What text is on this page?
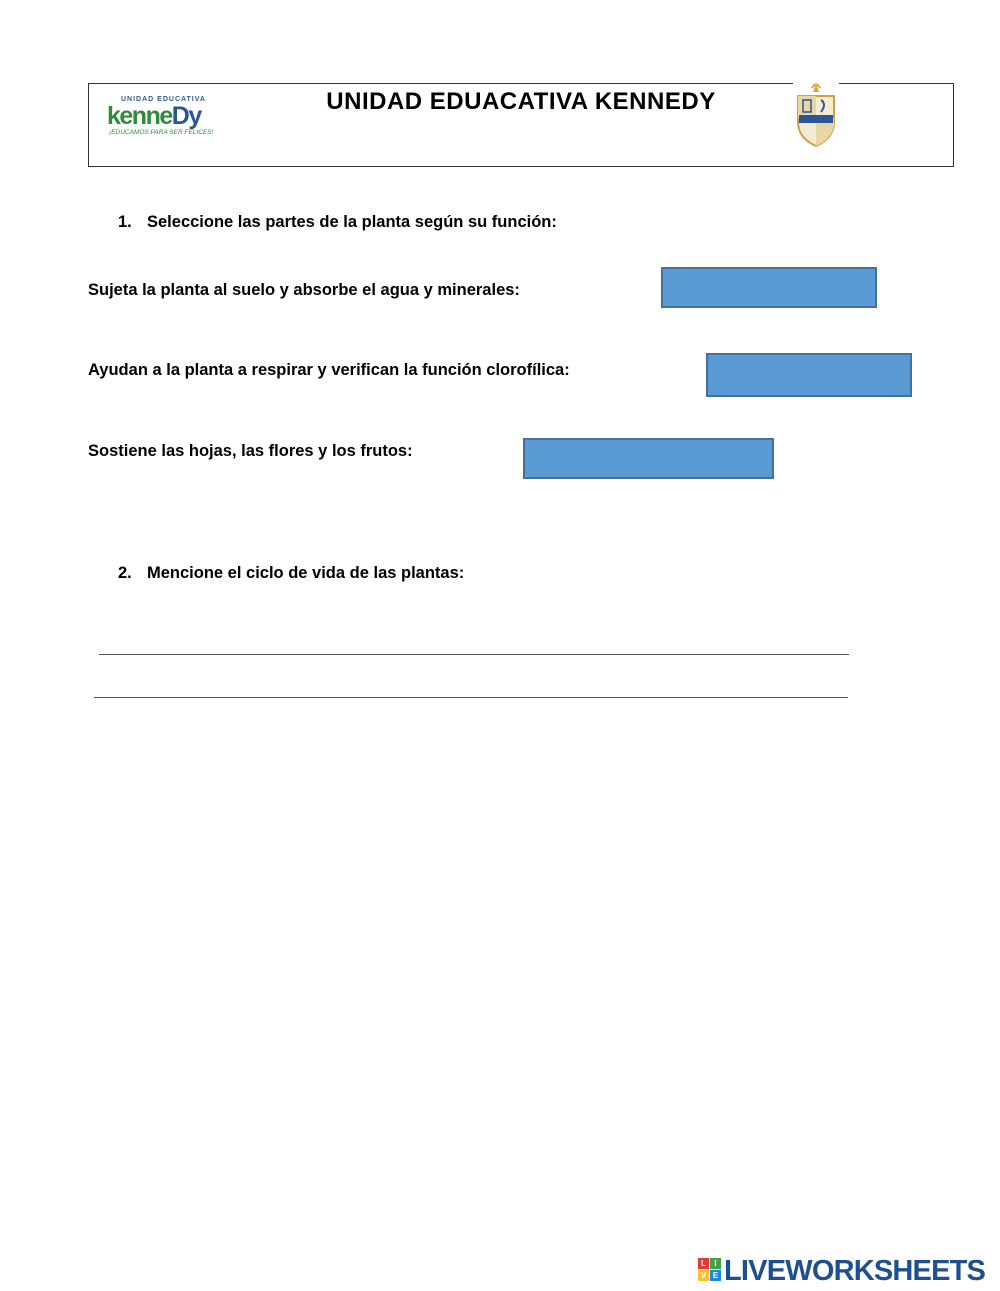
UNIDAD EDUCATIVA
kenneDy
¡EDUCAMOS PARA SER FELICES!
UNIDAD EDUACATIVA KENNEDY
1. Seleccione las partes de la planta según su función:
Sujeta la planta al suelo y absorbe el agua y minerales:
Ayudan a la planta a respirar y verifican la función clorofílica:
Sostiene las hojas, las flores y los frutos:
2. Mencione el ciclo de vida de las plantas:
L	I
V E LIVEWORKSHEETS
